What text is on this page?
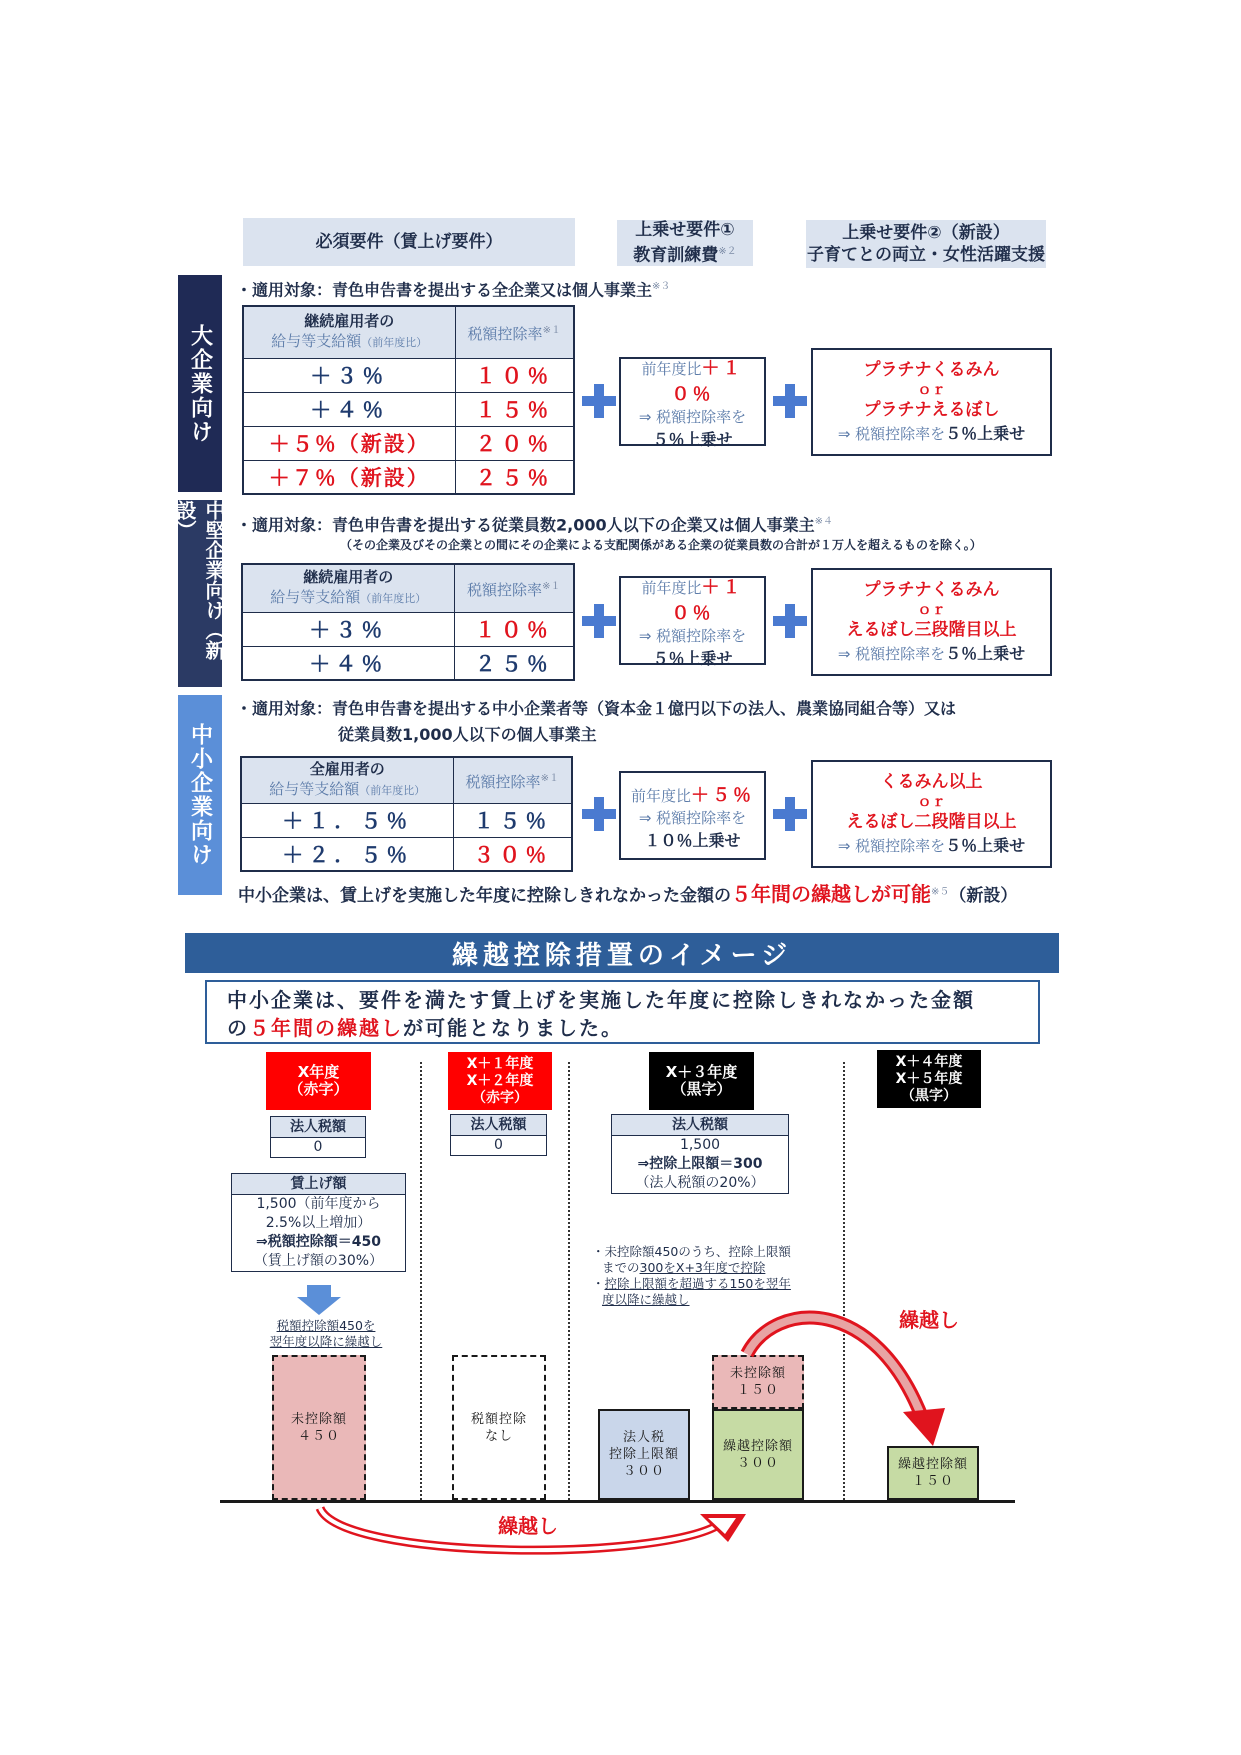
必須要件（賃上げ要件）
上乗せ要件①
教育訓練費$^{※2}$
上乗せ要件②（新設）
子育てとの両立・女性活躍支援
大企業向け
・適用対象：青色申告書を提出する全企業又は個人事業主$^{※3}$
継続雇用者の
給与等支給額（前年度比）	税額控除率$^{※1}$
＋３％	１０％
＋４％	１５％
＋５％（新設）	２０％
＋７％（新設）	２５％
前年度比＋１０％
⇒ 税額控除率を
５％上乗せ
プラチナくるみん
ｏｒ
プラチナえるぼし
⇒ 税額控除率を５％上乗せ
中堅企業向け（新設）	・適用対象：青色申告書を提出する従業員数2,000人以下の企業又は個人事業主$^{※4}$
（その企業及びその企業との間にその企業による支配関係がある企業の従業員数の合計が１万人を超えるものを除く。）
継続雇用者の
給与等支給額（前年度比）	税額控除率$^{※1}$
＋３％	１０％
＋４％	２５％
前年度比＋１０％
⇒ 税額控除率を
５％上乗せ
プラチナくるみん
ｏｒ
えるぼし三段階目以上
⇒ 税額控除率を５％上乗せ
中小企業向け
・適用対象：青色申告書を提出する中小企業者等（資本金１億円以下の法人、農業協同組合等）又は
従業員数1,000人以下の個人事業主
全雇用者の
給与等支給額（前年度比）	税額控除率$^{※1}$
＋１．５％	１５％
＋２．５％	３０％
前年度比＋５％
⇒ 税額控除率を
１０％上乗せ
くるみん以上
ｏｒ
えるぼし二段階目以上
⇒ 税額控除率を５％上乗せ
中小企業は、賃上げを実施した年度に控除しきれなかった金額の５年間の繰越しが可能$^{※5}$（新設）
繰越控除措置のイメージ
中小企業は、要件を満たす賃上げを実施した年度に控除しきれなかった金額
の５年間の繰越しが可能となりました。
X年度
（赤字）
X＋１年度
X＋２年度
（赤字）
X＋３年度
（黒字）
X＋４年度
X＋５年度
（黒字）
法人税額
0
法人税額
0
法人税額
1,500
⇒控除上限額＝300
（法人税額の20%）
賃上げ額
1,500（前年度から
2.5%以上増加）
⇒税額控除額＝450
（賃上げ額の30%）
税額控除額450を
翌年度以降に繰越し
・未控除額450のうち、控除上限額
までの300をX+3年度で控除
・控除上限額を超過する150を翌年
度以降に繰越し
未控除額
４５０
税額控除
なし	法人税
控除上限額
３００
未控除額
１５０
繰越控除額
３００	繰越控除額
１５０
繰越し
繰越し
